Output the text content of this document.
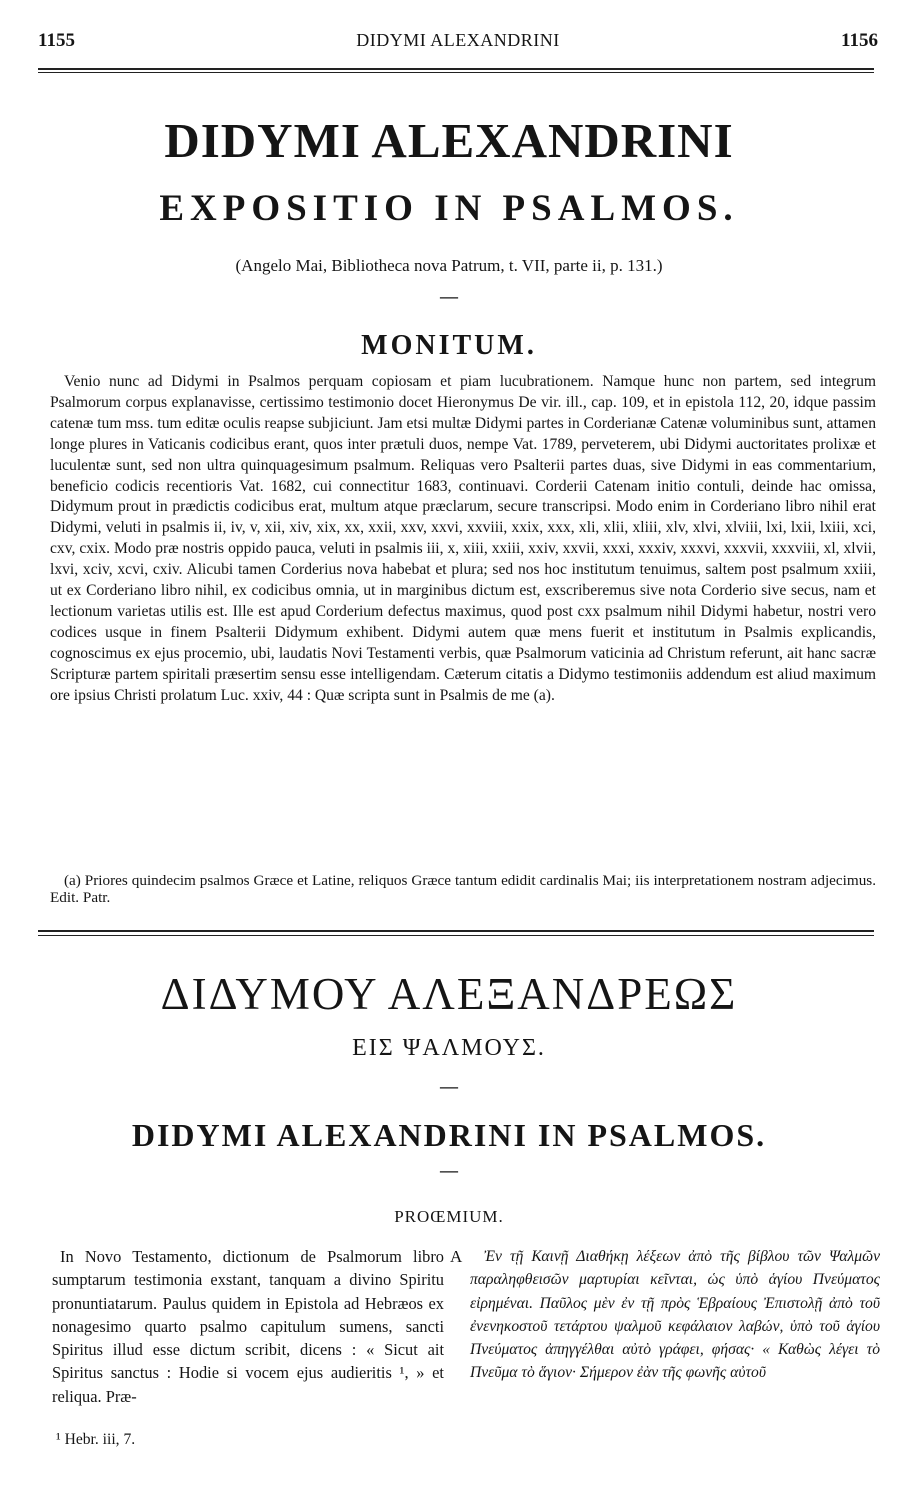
1155	DIDYMI ALEXANDRINI	1156
DIDYMI ALEXANDRINI
EXPOSITIO IN PSALMOS.
(Angelo Mai, Bibliotheca nova Patrum, t. VII, parte ii, p. 131.)
—
MONITUM.
Venio nunc ad Didymi in Psalmos perquam copiosam et piam lucubrationem. Namque hunc non partem, sed integrum Psalmorum corpus explanavisse, certissimo testimonio docet Hieronymus De vir. ill., cap. 109, et in epistola 112, 20, idque passim catenæ tum mss. tum editæ oculis reapse subjiciunt. Jam etsi multæ Didymi partes in Corderianæ Catenæ voluminibus sunt, attamen longe plures in Vaticanis codicibus erant, quos inter prætuli duos, nempe Vat. 1789, perveterem, ubi Didymi auctoritates prolixæ et luculentæ sunt, sed non ultra quinquagesimum psalmum. Reliquas vero Psalterii partes duas, sive Didymi in eas commentarium, beneficio codicis recentioris Vat. 1682, cui connectitur 1683, continuavi. Corderii Catenam initio contuli, deinde hac omissa, Didymum prout in prædictis codicibus erat, multum atque præclarum, secure transcripsi. Modo enim in Corderiano libro nihil erat Didymi, veluti in psalmis ii, iv, v, xii, xiv, xix, xx, xxii, xxv, xxvi, xxviii, xxix, xxx, xli, xlii, xliii, xlv, xlvi, xlviii, lxi, lxii, lxiii, xci, cxv, cxix. Modo præ nostris oppido pauca, veluti in psalmis iii, x, xiii, xxiii, xxiv, xxvii, xxxi, xxxiv, xxxvi, xxxvii, xxxviii, xl, xlvii, lxvi, xciv, xcvi, cxiv. Alicubi tamen Corderius nova habebat et plura; sed nos hoc institutum tenuimus, saltem post psalmum xxiii, ut ex Corderiano libro nihil, ex codicibus omnia, ut in marginibus dictum est, exscriberemus sive nota Corderio sive secus, nam et lectionum varietas utilis est. Ille est apud Corderium defectus maximus, quod post cxx psalmum nihil Didymi habetur, nostri vero codices usque in finem Psalterii Didymum exhibent. Didymi autem quæ mens fuerit et institutum in Psalmis explicandis, cognoscimus ex ejus procemio, ubi, laudatis Novi Testamenti verbis, quæ Psalmorum vaticinia ad Christum referunt, ait hanc sacræ Scripturæ partem spiritali præsertim sensu esse intelligendam. Cæterum citatis a Didymo testimoniis addendum est aliud maximum ore ipsius Christi prolatum Luc. xxiv, 44 : Quæ scripta sunt in Psalmis de me (a).
(a) Priores quindecim psalmos Græce et Latine, reliquos Græce tantum edidit cardinalis Mai; iis interpretationem nostram adjecimus. Edit. Patr.
ΔΙΔΥΜΟΥ ΑΛΕΞΑΝΔΡΕΩΣ
ΕΙΣ ΨΑΛΜΟΥΣ.
—
DIDYMI ALEXANDRINI IN PSALMOS.
—
PROŒMIUM.
In Novo Testamento, dictionum de Psalmorum libro sumptarum testimonia exstant, tanquam a divino Spiritu pronuntiatarum. Paulus quidem in Epistola ad Hebræos ex nonagesimo quarto psalmo capitulum sumens, sancti Spiritus illud esse dictum scribit, dicens : « Sicut ait Spiritus sanctus : Hodie si vocem ejus audieritis ¹, » et reliqua. Præ-
A	Ἐν τῇ Καινῇ Διαθήκῃ λέξεων ἀπὸ τῆς βίβλου τῶν Ψαλμῶν παραληφθεισῶν μαρτυρίαι κεῖνται, ὡς ὑπὸ ἁγίου Πνεύματος εἰρημέναι. Παῦλος μὲν ἐν τῇ πρὸς Ἑβραίους Ἐπιστολῇ ἀπὸ τοῦ ἐνενηκοστοῦ τετάρτου ψαλμοῦ κεφάλαιον λαβών, ὑπὸ τοῦ ἁγίου Πνεύματος ἀπηγγέλθαι αὐτὸ γράφει, φήσας· « Καθὼς λέγει τὸ Πνεῦμα τὸ ἅγιον· Σήμερον ἐὰν τῆς φωνῆς αὐτοῦ
¹ Hebr. iii, 7.
